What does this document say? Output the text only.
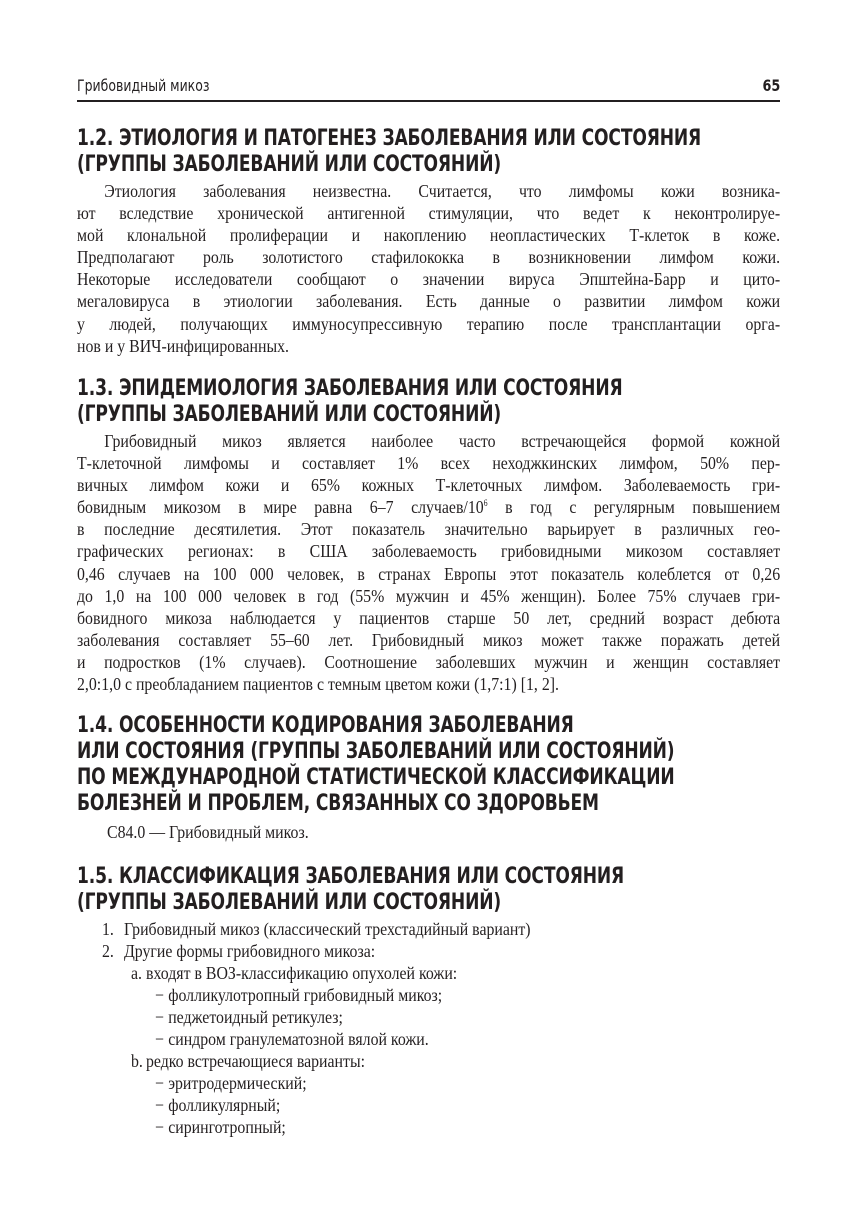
Грибовидный микоз	65
1.2. ЭТИОЛОГИЯ И ПАТОГЕНЕЗ ЗАБОЛЕВАНИЯ ИЛИ СОСТОЯНИЯ
(ГРУППЫ ЗАБОЛЕВАНИЙ ИЛИ СОСТОЯНИЙ)
Этиология заболевания неизвестна. Считается, что лимфомы кожи возника-
ют вследствие хронической антигенной стимуляции, что ведет к неконтролируе-
мой клональной пролиферации и накоплению неопластических Т-клеток в коже.
Предполагают роль золотистого стафилококка в возникновении лимфом кожи.
Некоторые исследователи сообщают о значении вируса Эпштейна-Барр и цито-
мегаловируса в этиологии заболевания. Есть данные о развитии лимфом кожи
у людей, получающих иммуносупрессивную терапию после трансплантации орга-
нов и у ВИЧ-инфицированных.
1.3. ЭПИДЕМИОЛОГИЯ ЗАБОЛЕВАНИЯ ИЛИ СОСТОЯНИЯ
(ГРУППЫ ЗАБОЛЕВАНИЙ ИЛИ СОСТОЯНИЙ)
Грибовидный микоз является наиболее часто встречающейся формой кожной
Т-клеточной лимфомы и составляет 1% всех неходжкинских лимфом, 50% пер-
вичных лимфом кожи и 65% кожных Т-клеточных лимфом. Заболеваемость гри-
бовидным микозом в мире равна 6–7 случаев/$10^6$ в год с регулярным повышением
в последние десятилетия. Этот показатель значительно варьирует в различных гео-
графических регионах: в США заболеваемость грибовидными микозом составляет
0,46 случаев на 100 000 человек, в странах Европы этот показатель колеблется от 0,26
до 1,0 на 100 000 человек в год (55% мужчин и 45% женщин). Более 75% случаев гри-
бовидного микоза наблюдается у пациентов старше 50 лет, средний возраст дебюта
заболевания составляет 55–60 лет. Грибовидный микоз может также поражать детей
и подростков (1% случаев). Соотношение заболевших мужчин и женщин составляет
2,0:1,0 с преобладанием пациентов с темным цветом кожи (1,7:1) [1, 2].
1.4. ОСОБЕННОСТИ КОДИРОВАНИЯ ЗАБОЛЕВАНИЯ
ИЛИ СОСТОЯНИЯ (ГРУППЫ ЗАБОЛЕВАНИЙ ИЛИ СОСТОЯНИЙ)
ПО МЕЖДУНАРОДНОЙ СТАТИСТИЧЕСКОЙ КЛАССИФИКАЦИИ
БОЛЕЗНЕЙ И ПРОБЛЕМ, СВЯЗАННЫХ СО ЗДОРОВЬЕМ
C84.0 — Грибовидный микоз.
1.5. КЛАССИФИКАЦИЯ ЗАБОЛЕВАНИЯ ИЛИ СОСТОЯНИЯ
(ГРУППЫ ЗАБОЛЕВАНИЙ ИЛИ СОСТОЯНИЙ)
1. Грибовидный микоз (классический трехстадийный вариант)
2. Другие формы грибовидного микоза:
a. входят в ВОЗ-классификацию опухолей кожи:
− фолликулотропный грибовидный микоз;
− педжетоидный ретикулез;
− синдром гранулематозной вялой кожи.
b. редко встречающиеся варианты:
− эритродермический;
− фолликулярный;
− сиринготропный;
